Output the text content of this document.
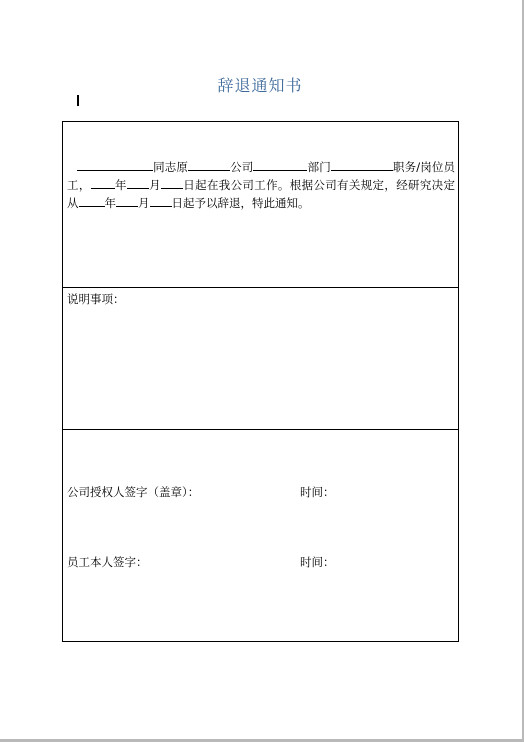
辞退通知书
同志原	公司	部门	职务/岗位员工， 年 月 日起在我公司工作。根据公司有关规定，经研究决定从 年 月 日起予以辞退，特此通知。
说明事项：
公司授权人签字（盖章）：	时间：
员工本人签字：	时间：
